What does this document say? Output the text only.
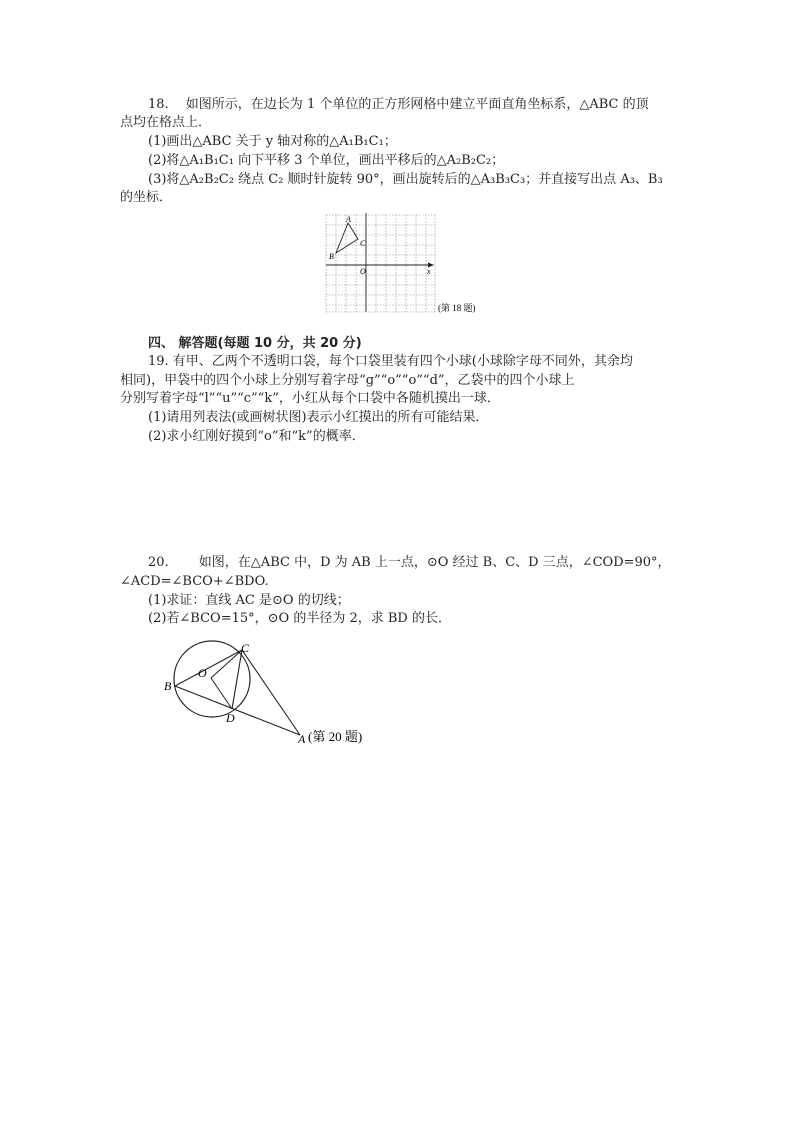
18.　 如图所示，在边长为 1 个单位的正方形网格中建立平面直角坐标系，△ABC 的顶
点均在格点上．
(1)画出△ABC 关于 y 轴对称的△A₁B₁C₁；
(2)将△A₁B₁C₁ 向下平移 3 个单位，画出平移后的△A₂B₂C₂；
(3)将△A₂B₂C₂ 绕点 C₂ 顺时针旋转 90°，画出旋转后的△A₃B₃C₃；并直接写出点 A₃、B₃
的坐标．
A
B
C
O	x
(第 18 题)
四、 解答题(每题 10 分，共 20 分)
19. 有甲、乙两个不透明口袋，每个口袋里装有四个小球(小球除字母不同外，其余均
相同)，甲袋中的四个小球上分别写着字母“g”“o”“o”“d”，乙袋中的四个小球上
分别写着字母“l”“u”“c”“k”，小红从每个口袋中各随机摸出一球．
(1)请用列表法(或画树状图)表示小红摸出的所有可能结果．
(2)求小红刚好摸到“o”和“k”的概率．
20.　　 如图，在△ABC 中，D 为 AB 上一点，⊙O 经过 B、C、D 三点，∠COD=90°，
∠ACD=∠BCO+∠BDO.
(1)求证：直线 AC 是⊙O 的切线；
(2)若∠BCO=15°，⊙O 的半径为 2，求 BD 的长．
C
B
O
D
A (第 20 题)
